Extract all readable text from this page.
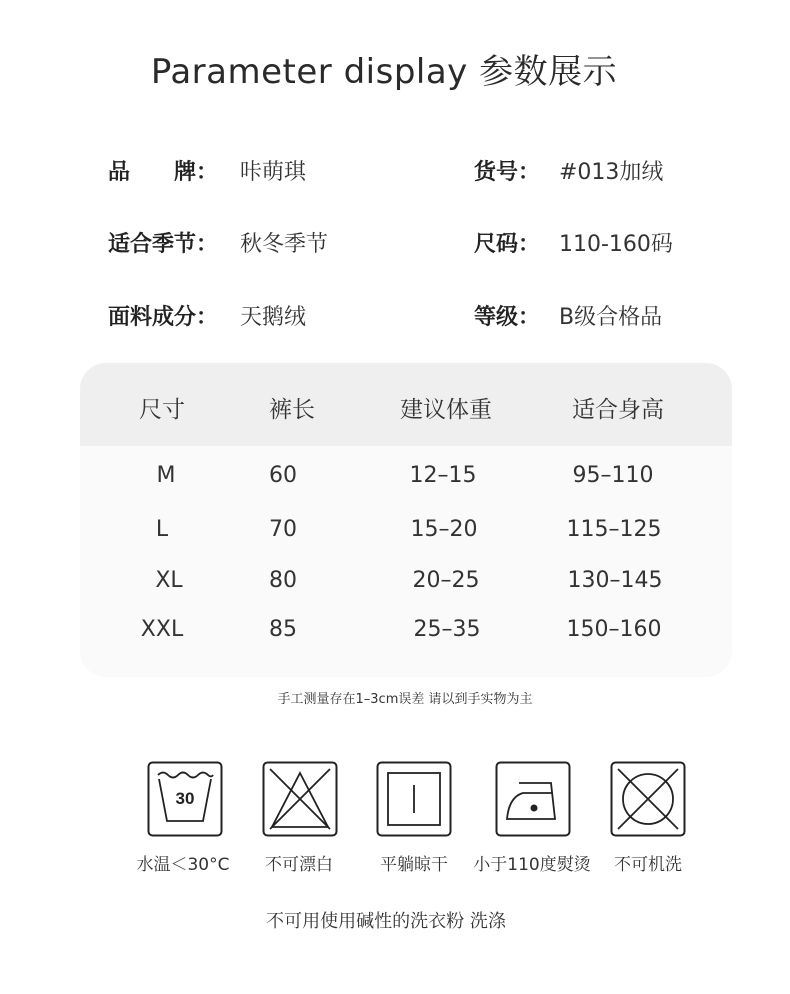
Parameter display 参数展示
品　　牌： 咔萌琪	货号： #013加绒
适合季节： 秋冬季节	尺码： 110-160码
面料成分： 天鹅绒	等级： B级合格品
尺寸	裤长	建议体重	适合身高
M	60	12–15	95–110
L	70	15–20	115–125
XL	80	20–25	130–145
XXL	85	25–35	150–160
手工测量存在1–3cm误差 请以到手实物为主
30
水温＜30°C 不可漂白	平躺晾干 小于110度熨烫 不可机洗
不可用使用碱性的洗衣粉 洗涤
